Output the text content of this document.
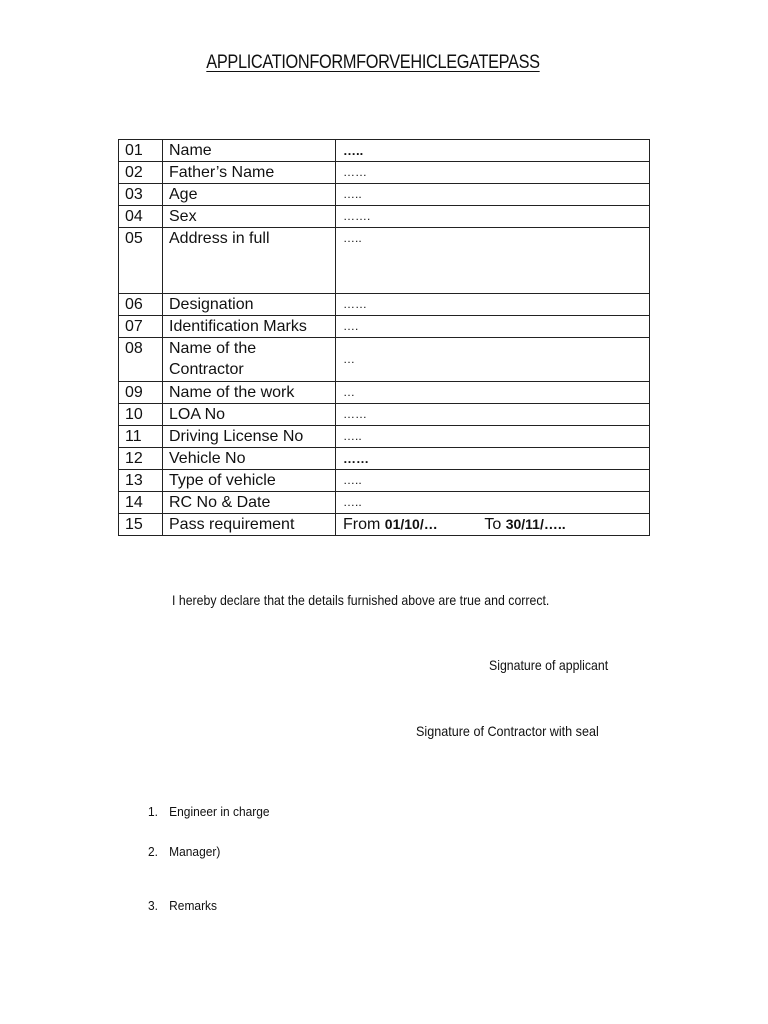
APPLICATIONFORMFORVEHICLEGATEPASS
01	Name	…..
02	Father’s Name	……
03	Age	…..
04	Sex	…….
05	Address in full	…..
06	Designation	……
07	Identification Marks	….
08	Name of the Contractor	…
09	Name of the work	…
10	LOA No	……
11	Driving License No	…..
12	Vehicle No	……
13	Type of vehicle	…..
14	RC No & Date	…..
15	Pass requirement	From 01/10/… To 30/11/…..
I hereby declare that the details furnished above are true and correct.
Signature of applicant
Signature of Contractor with seal
1. Engineer in charge
2. Manager)
3. Remarks
